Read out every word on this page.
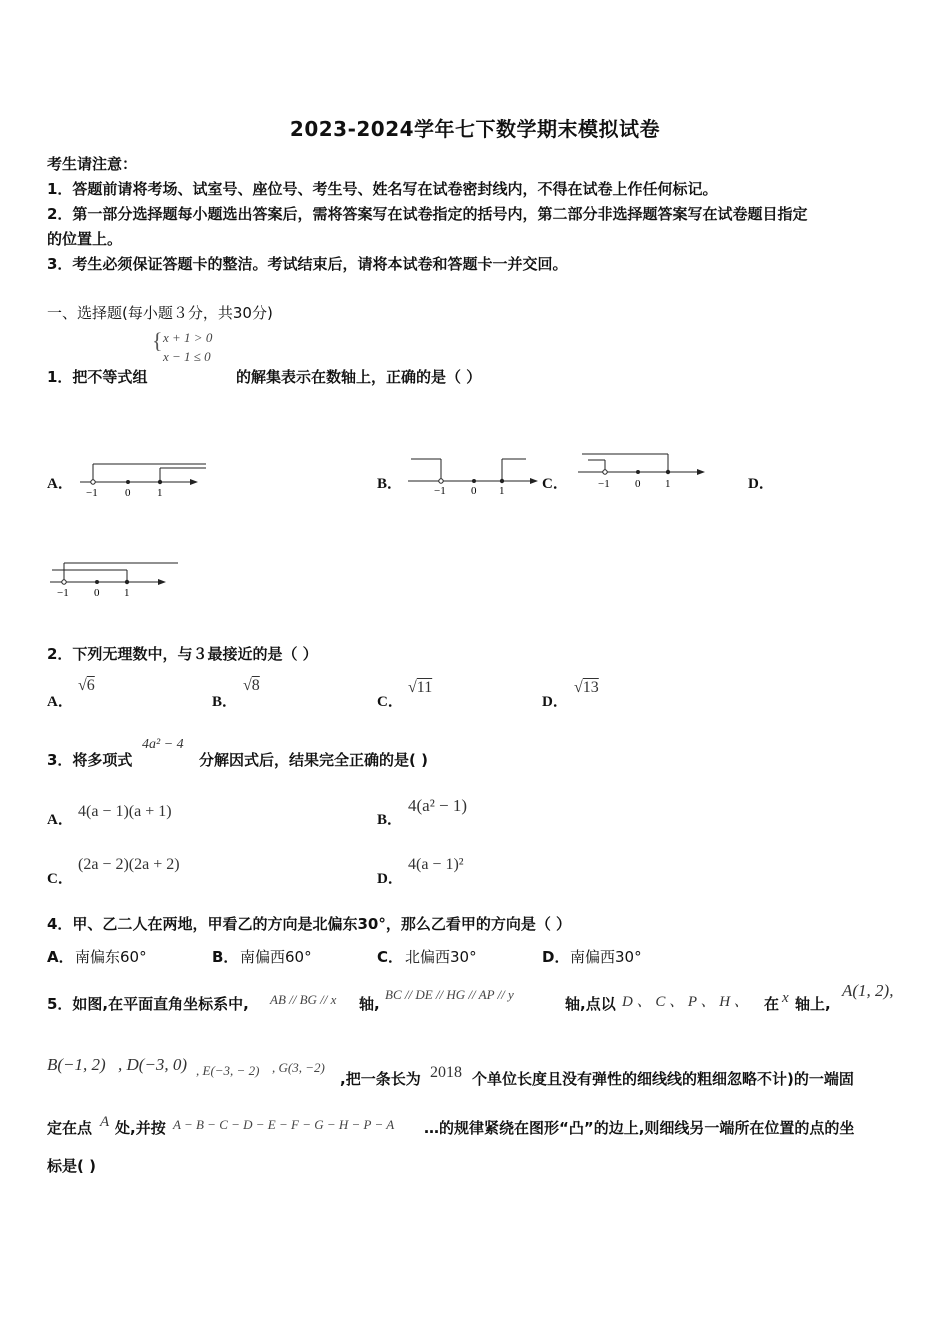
2023-2024学年七下数学期末模拟试卷
考生请注意：
1．答题前请将考场、试室号、座位号、考生号、姓名写在试卷密封线内，不得在试卷上作任何标记。
2．第一部分选择题每小题选出答案后，需将答案写在试卷指定的括号内，第二部分非选择题答案写在试卷题目指定
的位置上。
3．考生必须保证答题卡的整洁。考试结束后，请将本试卷和答题卡一并交回。
一、选择题(每小题３分，共30分)
1．把不等式组
{ x + 1 > 0
x − 1 ≤ 0
的解集表示在数轴上，正确的是（ ）
A．
−1 0 1
B．	−1 0 1	C．	−1 0 1	D．
−1 0 1
2．下列无理数中，与３最接近的是（ ）
A．
√6
B．
√8
C．
√11
D．
√13
3．将多项式
4a² − 4
分解因式后，结果完全正确的是( )
A． 4(a − 1)(a + 1)	B．
4(a² − 1)
C．
(2a − 2)(2a + 2)
D．
4(a − 1)²
4．甲、乙二人在两地，甲看乙的方向是北偏东30°，那么乙看甲的方向是（ ）
A． 南偏东60°	B． 南偏西60°	C． 北偏西30°	D． 南偏西30°
5．如图,在平面直角坐标系中, AB // BG // x 轴,
BC // DE // HG // AP // y
轴,点以 D 、 C 、 P 、 H 、 在 x 轴上,
A(1, 2),
B(−1, 2) , D(−3, 0) , E(−3, − 2) , G(3, −2)
,把一条长为 2018 个单位长度且没有弹性的细线线的粗细忽略不计)的一端固
定在点 A 处,并按 A − B − C − D − E − F − G − H − P − A …的规律紧绕在图形“凸”的边上,则细线另一端所在位置的点的坐
标是( )
